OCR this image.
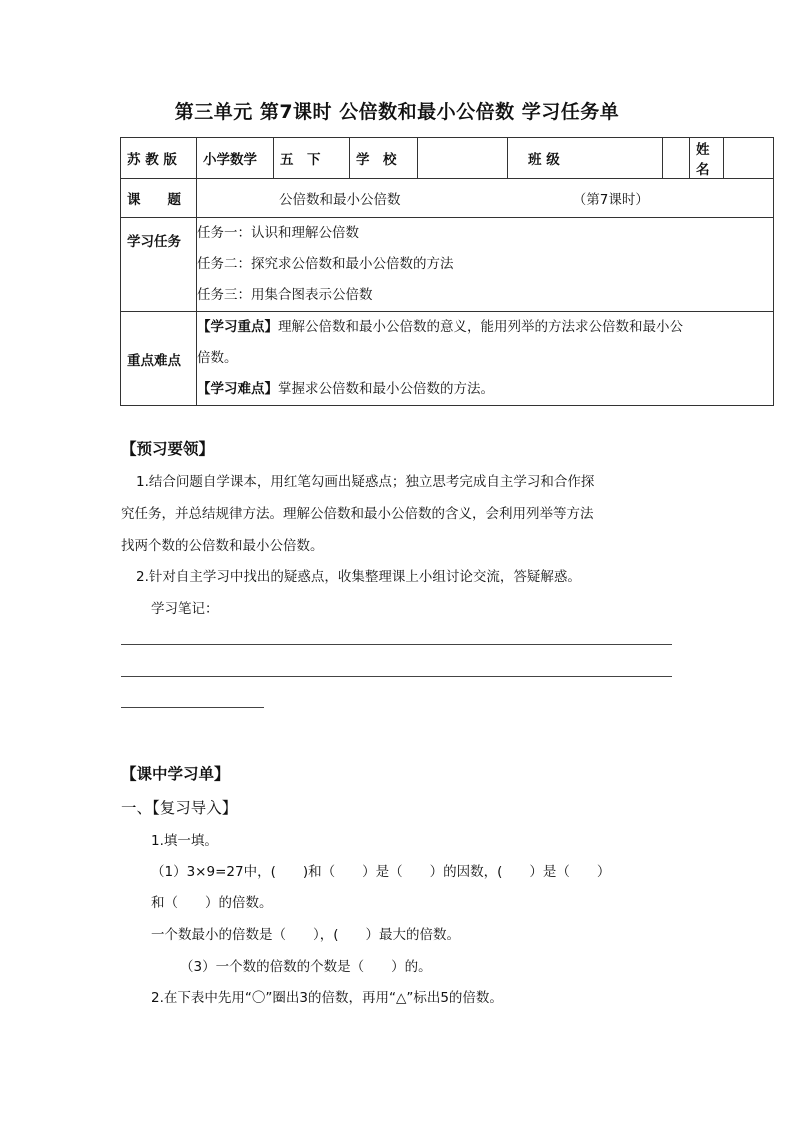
第三单元 第7课时 公倍数和最小公倍数 学习任务单
苏 教 版	小学数学	五　下	学　校		班 级		姓名	
课　　题	公倍数和最小公倍数 （第7课时）							
学习任务	任务一：认识和理解公倍数
任务二：探究求公倍数和最小公倍数的方法
任务三：用集合图表示公倍数							

重点难点	【学习重点】理解公倍数和最小公倍数的意义，能用列举的方法求公倍数和最小公
倍数。
【学习难点】掌握求公倍数和最小公倍数的方法。							
【预习要领】
1.结合问题自学课本，用红笔勾画出疑惑点；独立思考完成自主学习和合作探
究任务，并总结规律方法。理解公倍数和最小公倍数的含义，会利用列举等方法
找两个数的公倍数和最小公倍数。
2.针对自主学习中找出的疑惑点，收集整理课上小组讨论交流，答疑解惑。
学习笔记：
【课中学习单】
一、【复习导入】
1.填一填。
（1）3×9=27中，(　　)和（　　）是（　　）的因数，(　　）是（　　）
和（　　）的倍数。
一个数最小的倍数是（　　），(　　）最大的倍数。
（3）一个数的倍数的个数是（　　）的。
2.在下表中先用“〇”圈出3的倍数，再用“△”标出5的倍数。
